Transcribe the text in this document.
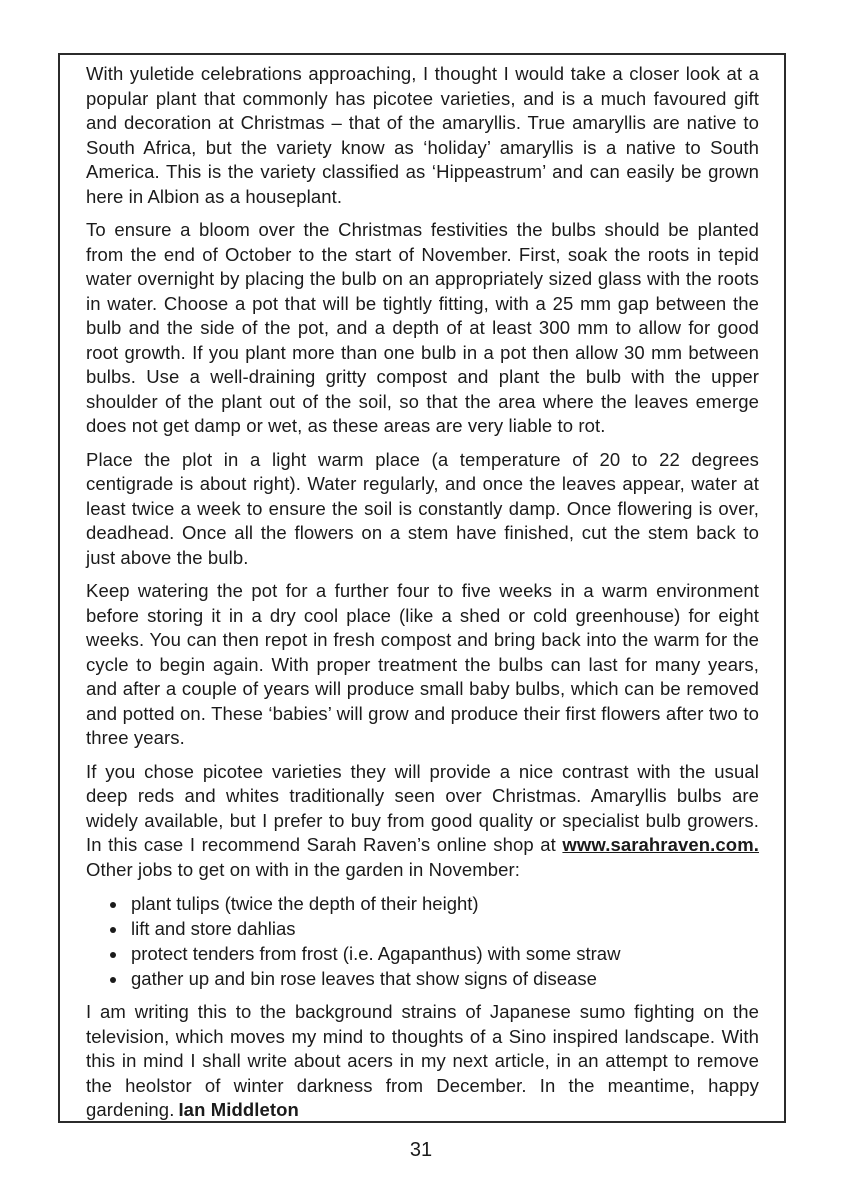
With yuletide celebrations approaching, I thought I would take a closer look at a popular plant that commonly has picotee varieties, and is a much favoured gift and decoration at Christmas – that of the amaryllis. True amaryllis are native to South Africa, but the variety know as ‘holiday’ amaryllis is a native to South America. This is the variety classified as ‘Hippeastrum’ and can easily be grown here in Albion as a houseplant.

To ensure a bloom over the Christmas festivities the bulbs should be planted from the end of October to the start of November. First, soak the roots in tepid water overnight by placing the bulb on an appropriately sized glass with the roots in water. Choose a pot that will be tightly fitting, with a 25 mm gap between the bulb and the side of the pot, and a depth of at least 300 mm to allow for good root growth. If you plant more than one bulb in a pot then allow 30 mm between bulbs. Use a well-draining gritty compost and plant the bulb with the upper shoulder of the plant out of the soil, so that the area where the leaves emerge does not get damp or wet, as these areas are very liable to rot.

Place the plot in a light warm place (a temperature of 20 to 22 degrees centigrade is about right). Water regularly, and once the leaves appear, water at least twice a week to ensure the soil is constantly damp. Once flowering is over, deadhead. Once all the flowers on a stem have finished, cut the stem back to just above the bulb.

Keep watering the pot for a further four to five weeks in a warm environment before storing it in a dry cool place (like a shed or cold greenhouse) for eight weeks. You can then repot in fresh compost and bring back into the warm for the cycle to begin again. With proper treatment the bulbs can last for many years, and after a couple of years will produce small baby bulbs, which can be removed and potted on. These ‘babies’ will grow and produce their first flowers after two to three years.

If you chose picotee varieties they will provide a nice contrast with the usual deep reds and whites traditionally seen over Christmas. Amaryllis bulbs are widely available, but I prefer to buy from good quality or specialist bulb growers. In this case I recommend Sarah Raven’s online shop at www.sarahraven.com. Other jobs to get on with in the garden in November:

• plant tulips (twice the depth of their height)
• lift and store dahlias
• protect tenders from frost (i.e. Agapanthus) with some straw
• gather up and bin rose leaves that show signs of disease

I am writing this to the background strains of Japanese sumo fighting on the television, which moves my mind to thoughts of a Sino inspired landscape. With this in mind I shall write about acers in my next article, in an attempt to remove the heolstor of winter darkness from December. In the meantime, happy gardening. Ian Middleton

31
